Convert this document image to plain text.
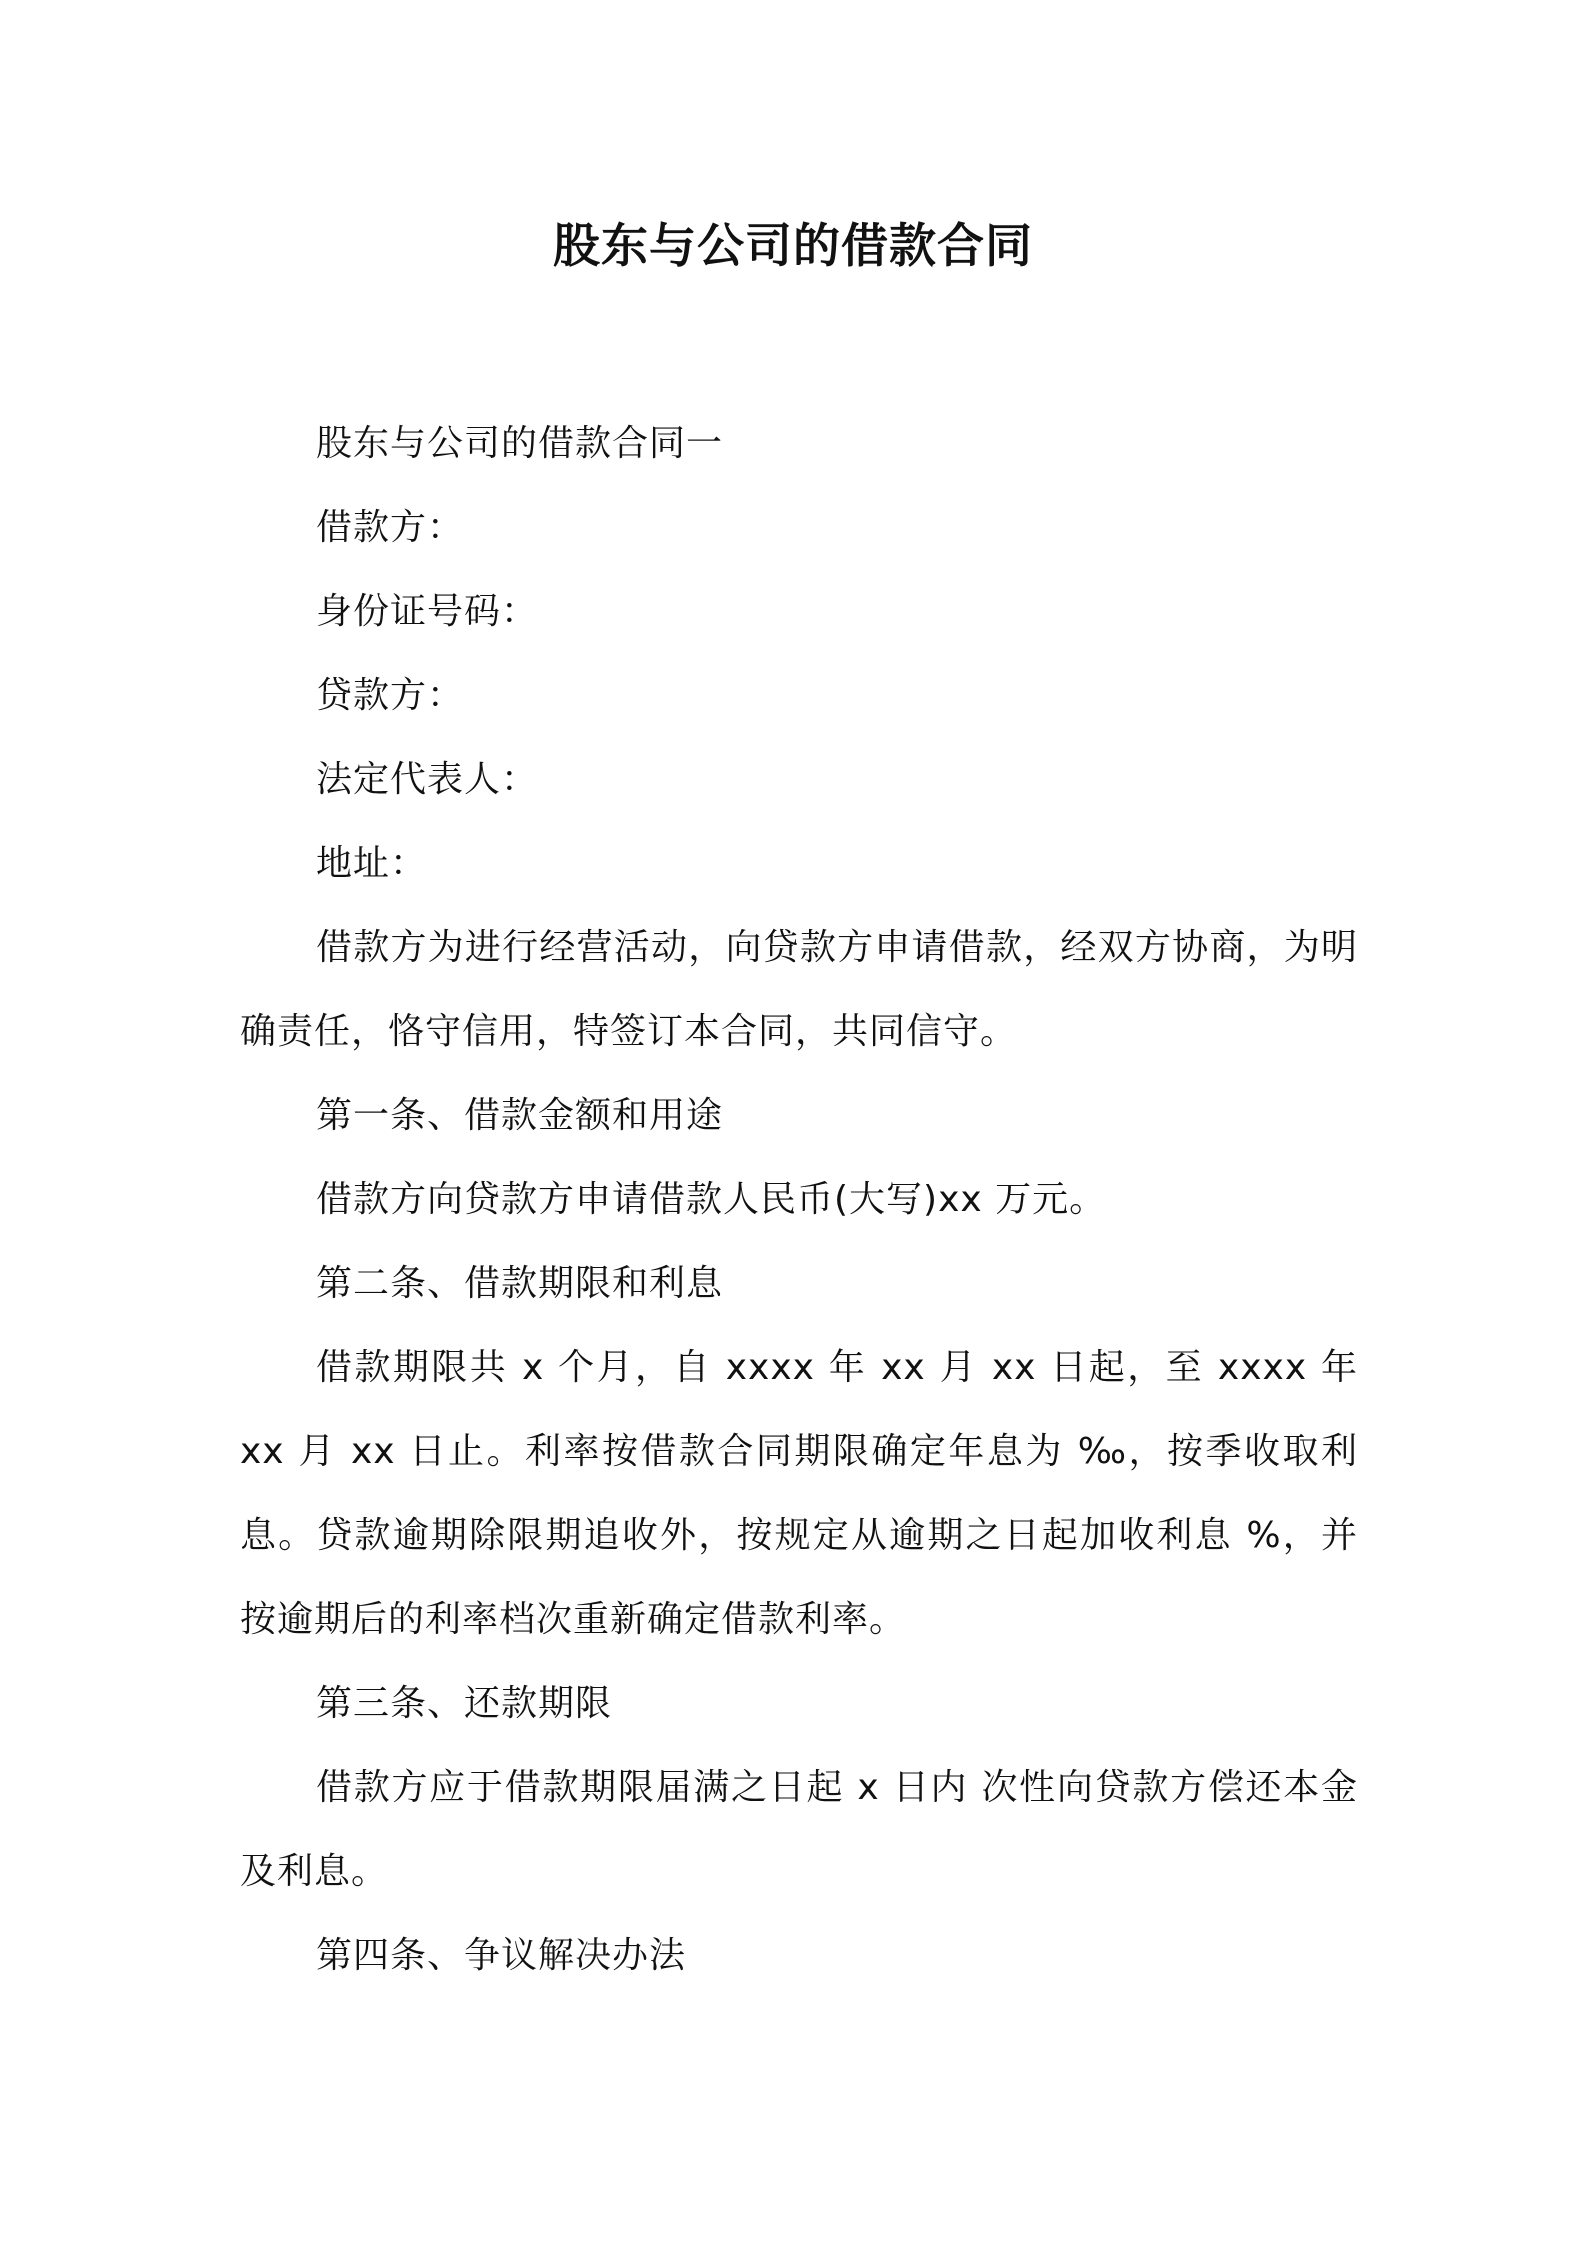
股东与公司的借款合同

股东与公司的借款合同一

借款方：

身份证号码：

贷款方：

法定代表人：

地址：

借款方为进行经营活动，向贷款方申请借款，经双方协商，为明确责任，恪守信用，特签订本合同，共同信守。

第一条、借款金额和用途

借款方向贷款方申请借款人民币(大写)xx 万元。

第二条、借款期限和利息

借款期限共 x 个月，自 xxxx 年 xx 月 xx 日起，至 xxxx 年 xx 月 xx 日止。利率按借款合同期限确定年息为 ‰，按季收取利息。贷款逾期除限期追收外，按规定从逾期之日起加收利息 %，并按逾期后的利率档次重新确定借款利率。

第三条、还款期限

借款方应于借款期限届满之日起 x 日内 次性向贷款方偿还本金及利息。

第四条、争议解决办法
